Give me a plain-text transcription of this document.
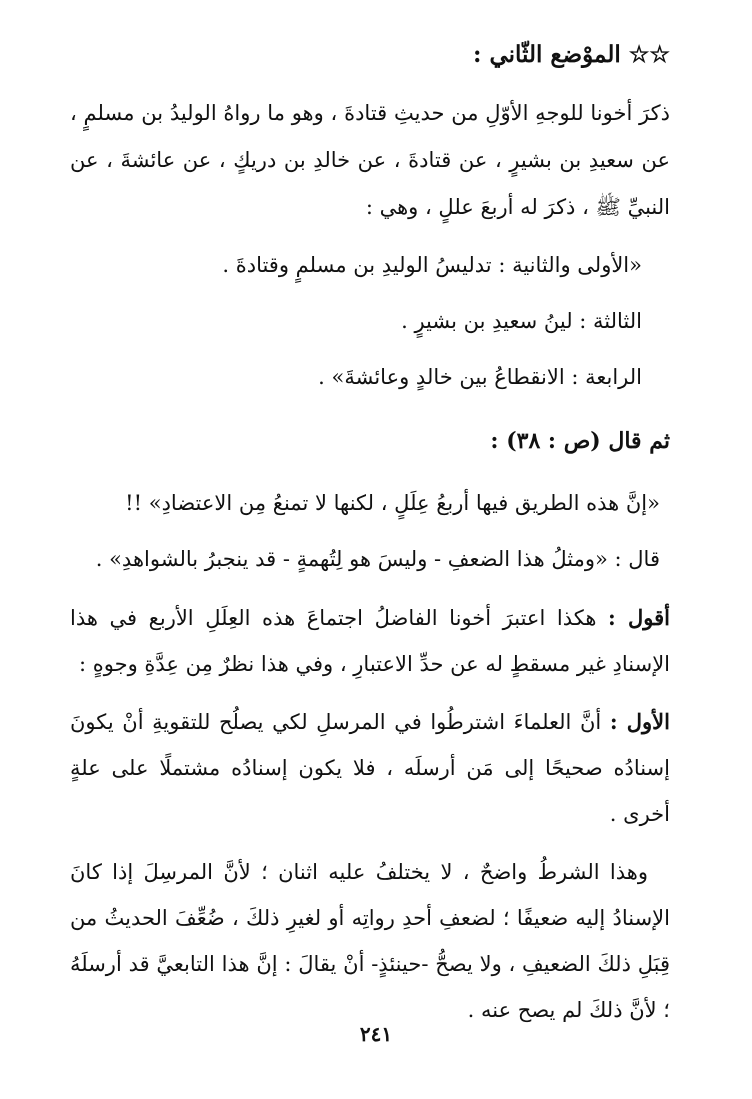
☆☆ الموْضع الثّاني :

ذكرَ أخونا للوجهِ الأوّلِ من حديثِ قتادةَ ، وهو ما رواهُ الوليدُ بن مسلمٍ ، عن سعيدِ بن بشيرٍ ، عن قتادةَ ، عن خالدِ بن دريكٍ ، عن عائشةَ ، عن النبيِّ ﷺ ، ذكرَ له أربعَ عللٍ ، وهي :

«الأولى والثانية : تدليسُ الوليدِ بن مسلمٍ وقتادةَ .

الثالثة : لينُ سعيدِ بن بشيرٍ .

الرابعة : الانقطاعُ بين خالدٍ وعائشةَ» .

ثم قال (ص : ٣٨) :

«إنَّ هذه الطريق فيها أربعُ عِلَلٍ ، لكنها لا تمنعُ مِن الاعتضادِ» !!

قال : «ومثلُ هذا الضعفِ - وليسَ هو لِتُهمةٍ - قد ينجبرُ بالشواهدِ» .

أقول : هكذا اعتبرَ أخونا الفاضلُ اجتماعَ هذه العِلَلِ الأربع في هذا الإسنادِ غير مسقطٍ له عن حدِّ الاعتبارِ ، وفي هذا نظرٌ مِن عِدَّةِ وجوهٍ :

الأول : أنَّ العلماءَ اشترطُوا في المرسلِ لكي يصلُح للتقويةِ أنْ يكونَ إسنادُه صحيحًا إلى مَن أرسلَه ، فلا يكون إسنادُه مشتملًا على علةٍ أخرى .

وهذا الشرطُ واضحٌ ، لا يختلفُ عليه اثنان ؛ لأنَّ المرسِلَ إذا كانَ الإسنادُ إليه ضعيفًا ؛ لضعفِ أحدِ رواتِه أو لغيرِ ذلكَ ، ضُعِّفَ الحديثُ من قِبَلِ ذلكَ الضعيفِ ، ولا يصحُّ -حينئذٍ- أنْ يقالَ : إنَّ هذا التابعيَّ قد أرسلَهُ ؛ لأنَّ ذلكَ لم يصح عنه .

٢٤١
